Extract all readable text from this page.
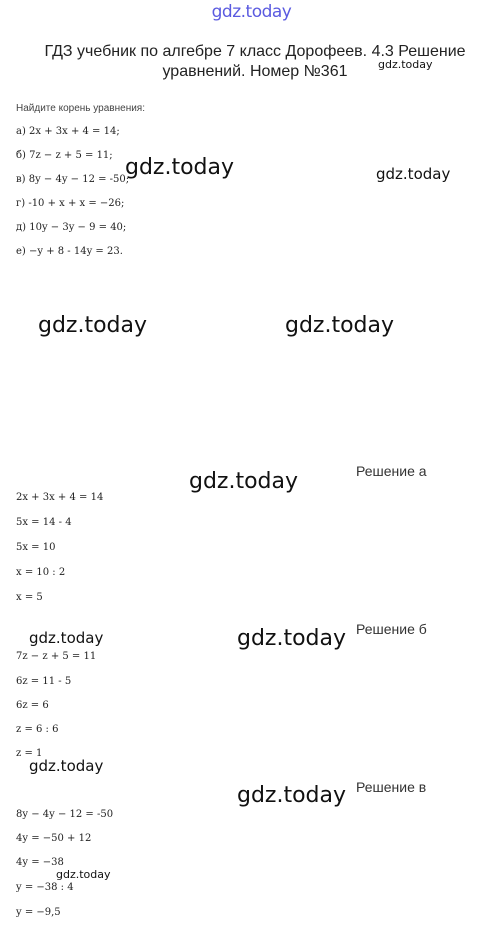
gdz.today
ГДЗ учебник по алгебре 7 класс Дорофеев. 4.3 Решение уравнений. Номер №361	gdz.today
Найдите корень уравнения:
а) 2x + 3x + 4 = 14;
б) 7z − z + 5 = 11;
в) 8y − 4y − 12 = -50;
г) -10 + x + x = −26;
д) 10y − 3y − 9 = 40;
е) −y + 8 - 14y = 23.
gdz.today	gdz.today
gdz.today	gdz.today
Решение а
gdz.today
2x + 3x + 4 = 14
5x = 14 - 4
5x = 10
x = 10 : 2
x = 5
gdz.today	gdz.today Решение б
7z − z + 5 = 11
6z = 11 - 5
6z = 6
z = 6 : 6
z = 1
gdz.today
gdz.today Решение в
8y − 4y − 12 = -50
4y = −50 + 12
4y = −38
gdz.today
y = −38 : 4
y = −9,5
